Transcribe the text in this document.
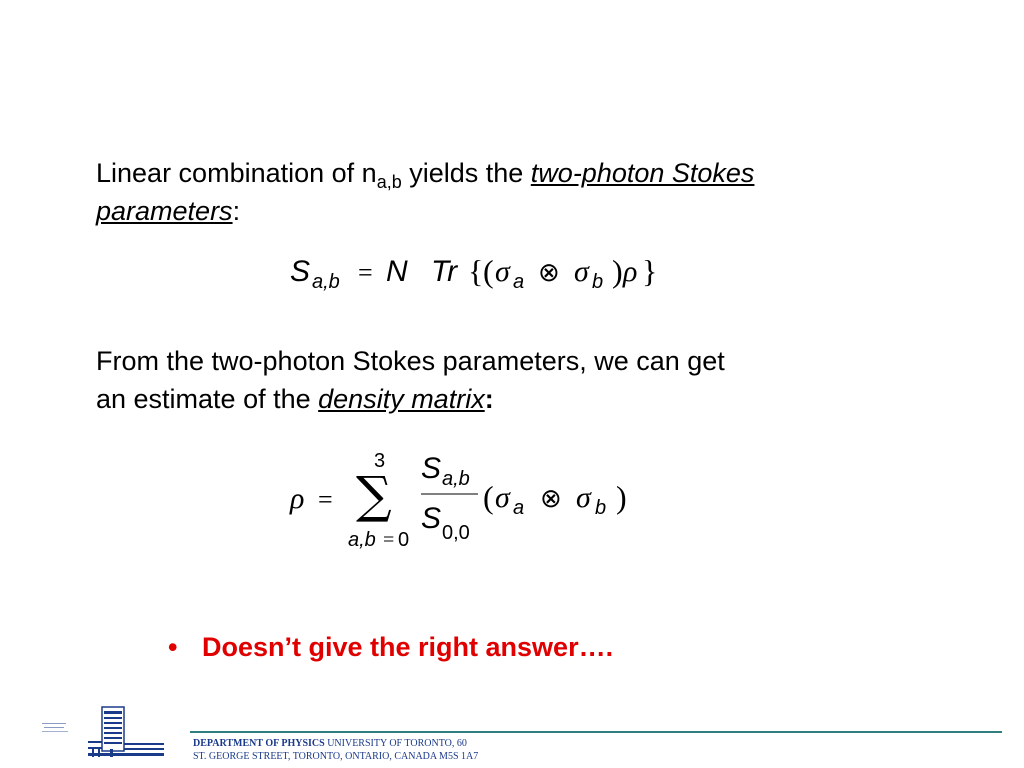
Linear combination of $n_{a,b}$ yields the two-photon Stokes
parameters:

S a,b = N Tr { ( σ a ⊗ σ b ) ρ }

From the two-photon Stokes parameters, we can get
an estimate of the density matrix:

ρ =
3
∑
a,b = 0
S a,b
S 0,0
( σ a ⊗ σ b )
• Doesn’t give the right answer….
DEPARTMENT OF PHYSICS UNIVERSITY OF TORONTO, 60
ST. GEORGE STREET, TORONTO, ONTARIO, CANADA M5S 1A7
